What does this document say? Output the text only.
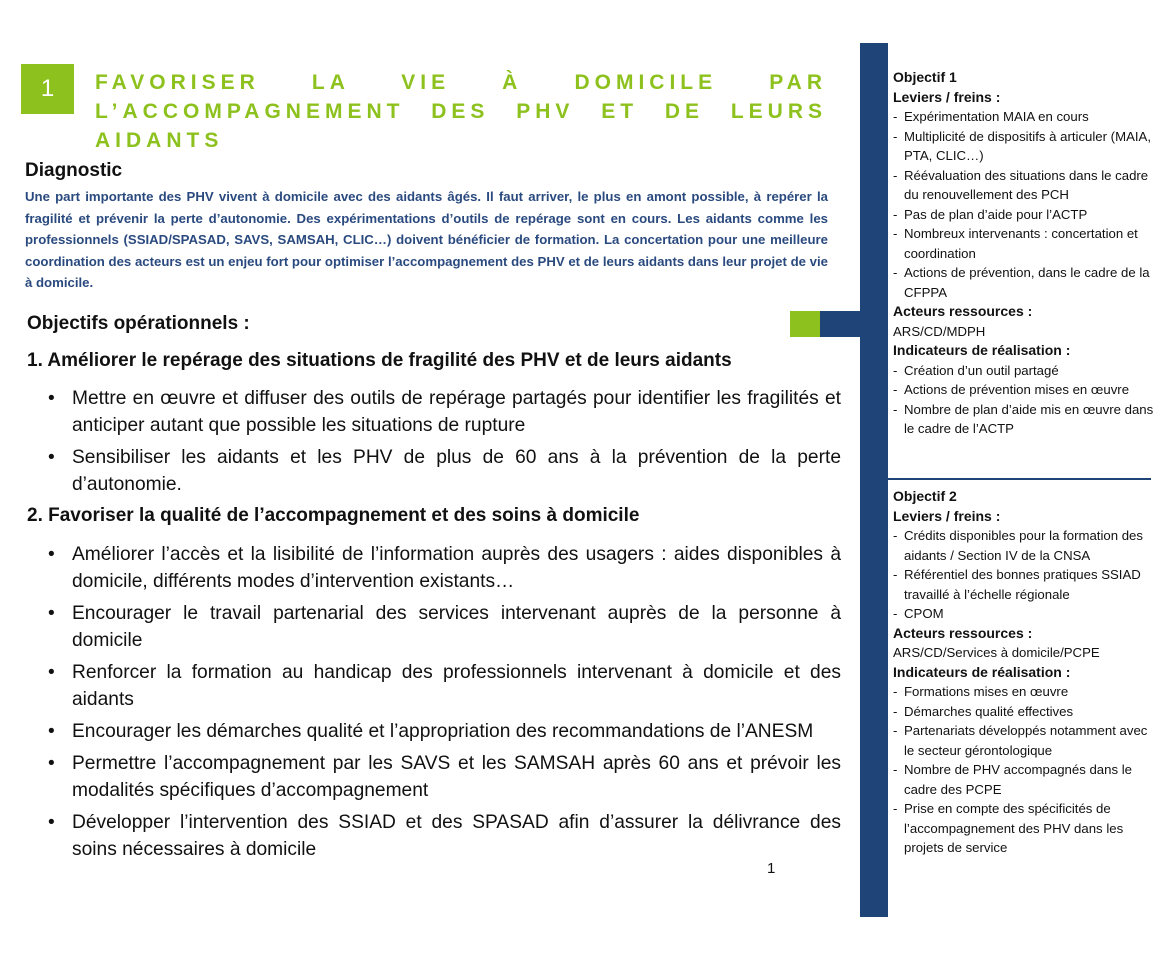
1	FAVORISER LA VIE À DOMICILE PAR
L’ACCOMPAGNEMENT DES PHV ET DE LEURS
AIDANTS
Diagnostic
Une part importante des PHV vivent à domicile avec des aidants âgés. Il faut arriver, le plus en amont possible, à repérer la fragilité et prévenir la perte d’autonomie. Des expérimentations d’outils de repérage sont en cours. Les aidants comme les professionnels (SSIAD/SPASAD, SAVS, SAMSAH, CLIC…) doivent bénéficier de formation. La concertation pour une meilleure coordination des acteurs est un enjeu fort pour optimiser l’accompagnement des PHV et de leurs aidants dans leur projet de vie à domicile.
Objectifs opérationnels :
1. Améliorer le repérage des situations de fragilité des PHV et de leurs aidants
• Mettre en œuvre et diffuser des outils de repérage partagés pour identifier les fragilités et anticiper autant que possible les situations de rupture
• Sensibiliser les aidants et les PHV de plus de 60 ans à la prévention de la perte d’autonomie.
2. Favoriser la qualité de l’accompagnement et des soins à domicile
• Améliorer l’accès et la lisibilité de l’information auprès des usagers : aides disponibles à domicile, différents modes d’intervention existants…
• Encourager le travail partenarial des services intervenant auprès de la personne à domicile
• Renforcer la formation au handicap des professionnels intervenant à domicile et des aidants
• Encourager les démarches qualité et l’appropriation des recommandations de l’ANESM
• Permettre l’accompagnement par les SAVS et les SAMSAH après 60 ans et prévoir les modalités spécifiques d’accompagnement
• Développer l’intervention des SSIAD et des SPASAD afin d’assurer la délivrance des soins nécessaires à domicile
1
Objectif 1
Leviers / freins :
- Expérimentation MAIA en cours
- Multiplicité de dispositifs à articuler (MAIA, PTA, CLIC…)
- Réévaluation des situations dans le cadre du renouvellement des PCH
- Pas de plan d’aide pour l’ACTP
- Nombreux intervenants : concertation et coordination
- Actions de prévention, dans le cadre de la CFPPA
Acteurs ressources :
ARS/CD/MDPH
Indicateurs de réalisation :
- Création d’un outil partagé
- Actions de prévention mises en œuvre
- Nombre de plan d’aide mis en œuvre dans le cadre de l’ACTP
Objectif 2
Leviers / freins :
- Crédits disponibles pour la formation des aidants / Section IV de la CNSA
- Référentiel des bonnes pratiques SSIAD travaillé à l’échelle régionale
- CPOM
Acteurs ressources :
ARS/CD/Services à domicile/PCPE
Indicateurs de réalisation :
- Formations mises en œuvre
- Démarches qualité effectives
- Partenariats développés notamment avec le secteur gérontologique
- Nombre de PHV accompagnés dans le cadre des PCPE
- Prise en compte des spécificités de l’accompagnement des PHV dans les projets de service
